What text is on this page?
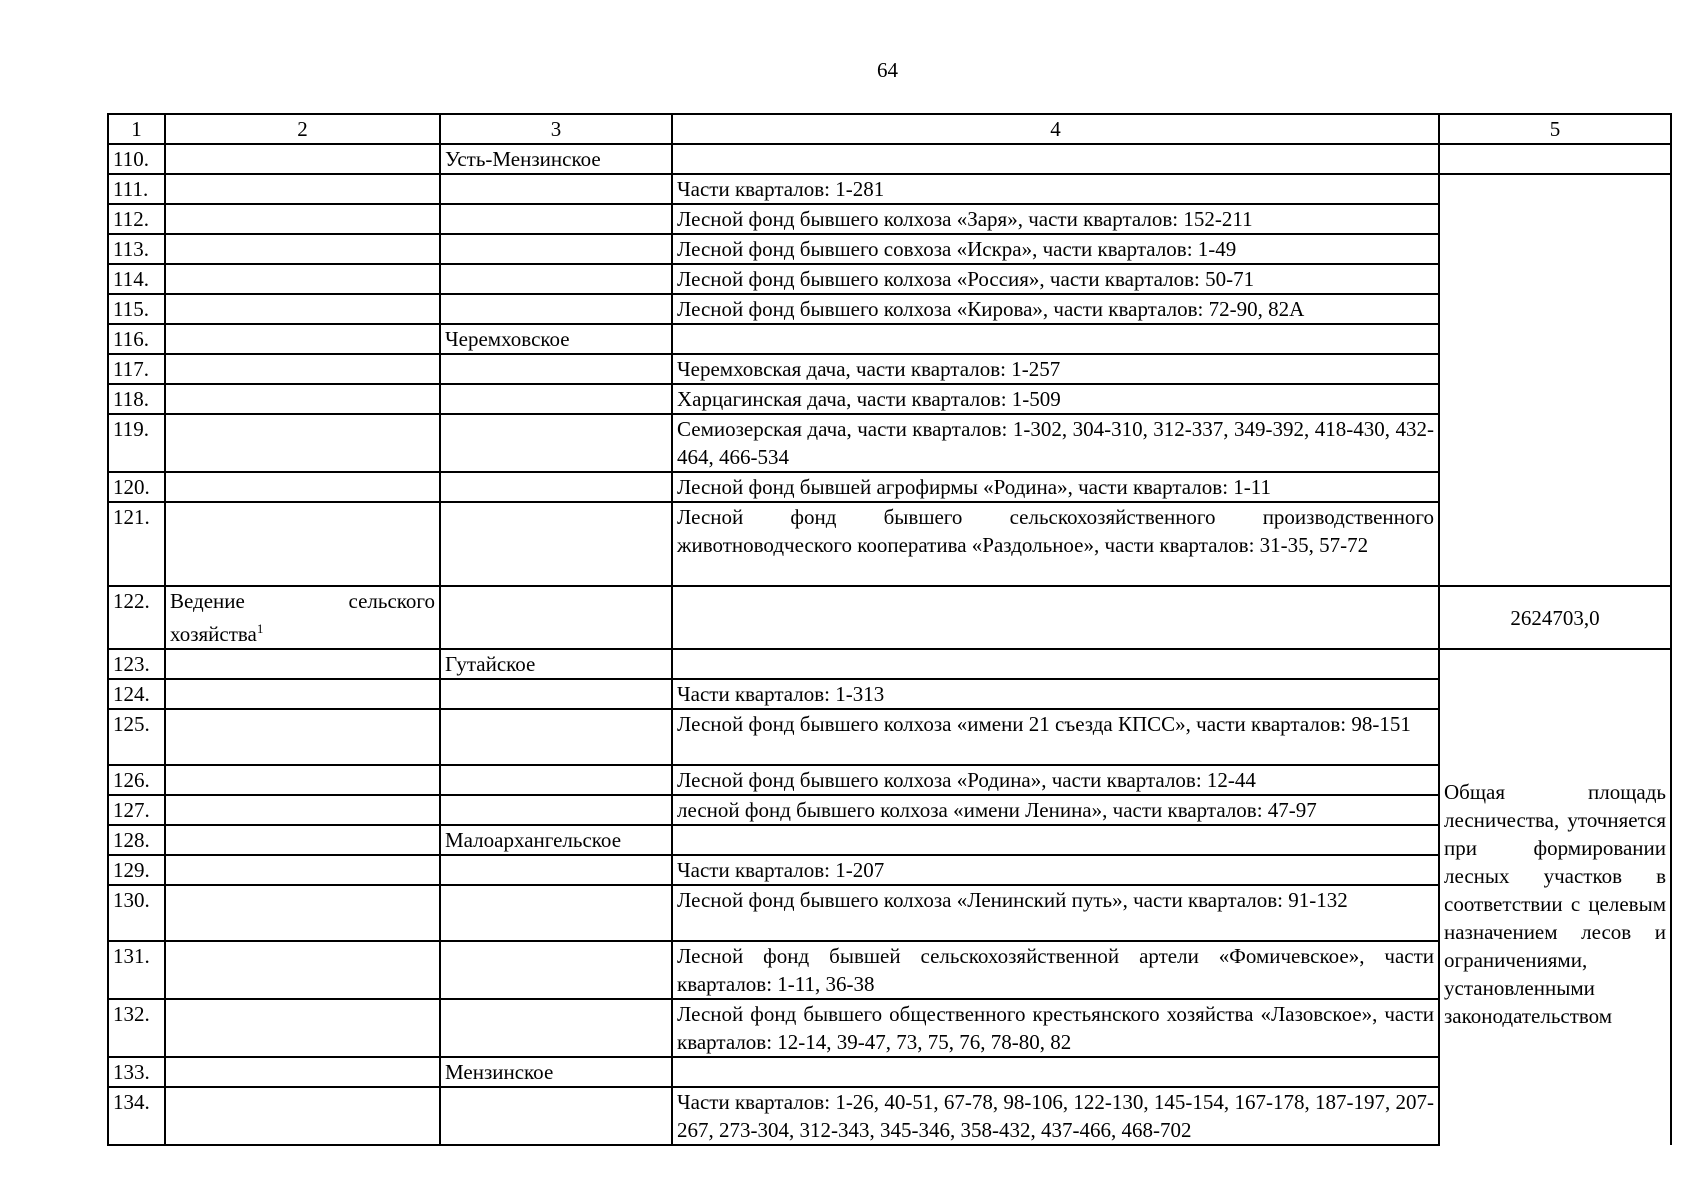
64
1	2	3	4	5
110.		Усть-Мензинское		
111.			Части кварталов: 1-281	
112.			Лесной фонд бывшего колхоза «Заря», части кварталов: 152-211	
113.			Лесной фонд бывшего совхоза «Искра», части кварталов: 1-49	
114.			Лесной фонд бывшего колхоза «Россия», части кварталов: 50-71	
115.			Лесной фонд бывшего колхоза «Кирова», части кварталов: 72-90, 82А	
116.		Черемховское		
117.			Черемховская дача, части кварталов: 1-257	
118.			Харцагинская дача, части кварталов: 1-509	
119.			Семиозерская дача, части кварталов: 1-302, 304-310, 312-337, 349-392, 418-430, 432-464, 466-534	
120.			Лесной фонд бывшей агрофирмы «Родина», части кварталов: 1-11	
121.			Лесной фонд бывшего сельскохозяйственного производственного животноводческого кооператива «Раздольное», части кварталов: 31-35, 57-72	
122.	Ведение сельского хозяйства$^1$			2624703,0
123.		Гутайское		Общая площадь лесничества, уточняется при формировании лесных участков в соответствии с целевым назначением лесов и ограничениями, установленными законодательством

124.			Части кварталов: 1-313	
125.			Лесной фонд бывшего колхоза «имени 21 съезда КПСС», части кварталов: 98-151	
126.			Лесной фонд бывшего колхоза «Родина», части кварталов: 12-44	
127.			лесной фонд бывшего колхоза «имени Ленина», части кварталов: 47-97	
128.		Малоархангельское		
129.			Части кварталов: 1-207	
130.			Лесной фонд бывшего колхоза «Ленинский путь», части кварталов: 91-132	
131.			Лесной фонд бывшей сельскохозяйственной артели «Фомичевское», части кварталов: 1-11, 36-38	
132.			Лесной фонд бывшего общественного крестьянского хозяйства «Лазовское», части кварталов: 12-14, 39-47, 73, 75, 76, 78-80, 82	
133.		Мензинское		
134.			Части кварталов: 1-26, 40-51, 67-78, 98-106, 122-130, 145-154, 167-178, 187-197, 207- 267, 273-304, 312-343, 345-346, 358-432, 437-466, 468-702	
